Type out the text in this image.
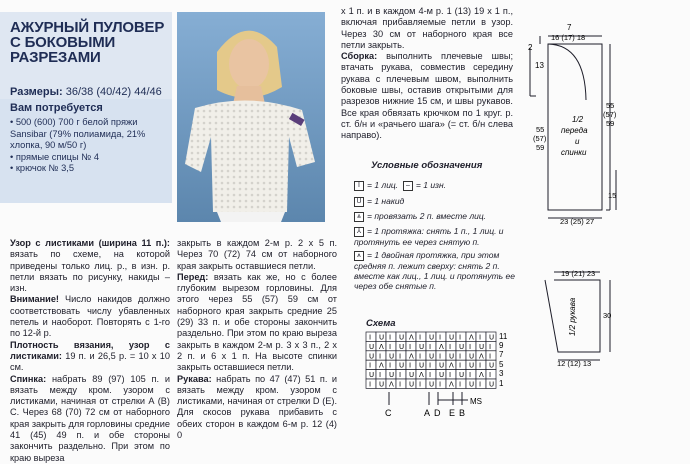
АЖУРНЫЙ ПУЛОВЕР
С БОКОВЫМИ
РАЗРЕЗАМИ
Размеры: 36/38 (40/42) 44/46
Вам потребуется
• 500 (600) 700 г белой пряжи Sansibar (79% полиамида, 21% хлопка, 90 м/50 г)
• прямые спицы № 4
• крючок № 3,5

Узор с листиками (ширина 11 п.): вязать по схеме, на которой приведены только лиц. р., в изн. р. петли вязать по рисунку, накиды – изн.

Внимание! Число накидов должно соответствовать числу убавленных петель и наоборот. Повторять с 1-го по 12-й р.

Плотность вязания, узор с листиками: 19 п. и 26,5 р. = 10 х 10 см.

Спинка: набрать 89 (97) 105 п. и вязать между кром. узором с листиками, начиная от стрелки А (В) С. Через 68 (70) 72 см от наборного края закрыть для горловины средние 41 (45) 49 п. и обе стороны закончить раздельно. При этом по краю выреза

закрыть в каждом 2-м р. 2 х 5 п. Через 70 (72) 74 см от наборного края закрыть оставшиеся петли.

Перед: вязать как же, но с более глубоким вырезом горловины. Для этого через 55 (57) 59 см от наборного края закрыть средние 25 (29) 33 п. и обе стороны закончить раздельно. При этом по краю выреза закрыть в каждом 2-м р. 3 х 3 п., 2 х 2 п. и 6 х 1 п. На высоте спинки закрыть оставшиеся петли.

Рукава: набрать по 47 (47) 51 п. и вязать между кром. узором с листиками, начиная от стрелки D (E). Для скосов рукава прибавить с обеих сторон в каждом 6-м р. 12 (4) 0

х 1 п. и в каждом 4-м р. 1 (13) 19 х 1 п., включая прибавляемые петли в узор. Через 30 см от наборного края все петли закрыть.

Сборка: выполнить плечевые швы; втачать рукава, совместив середину рукава с плечевым швом, выполнить боковые швы, оставив открытыми для разрезов нижние 15 см, и швы рукавов. Все края обвязать крючком по 1 круг. р. ст. б/н и «рачьего шага» (= ст. б/н слева направо).

Условные обозначения
I = 1 лиц. – = 1 изн.
U = 1 накид
⩓ = провязать 2 п. вместе лиц.
⅄ = 1 протяжка: снять 1 п., 1 лиц. и протянуть ее через снятую п.
⩚ = 1 двойная протяжка, при этом средняя п. лежит сверху: снять 2 п. вместе как лиц., 1 лиц. и протянуть ее через обе снятые п.
Схема
I U I U Λ I U I U I Λ I U
U Λ I U I U I Λ I U I U I
U I U I Λ I U I U I U Λ I
I Λ I U I U I U Λ I U I U
U I U I U Λ I U I U I Λ I
I U Λ I U I U I Λ I U I U
11
9
7
5
3
1
C	A D E B
MS
7
2
13
16 (17) 18
55 (57) 59
55 (57) 59
15
23 (25) 27
1/2 переда и спинки
19 (21) 23
30
12 (12) 13
1/2 рукава
